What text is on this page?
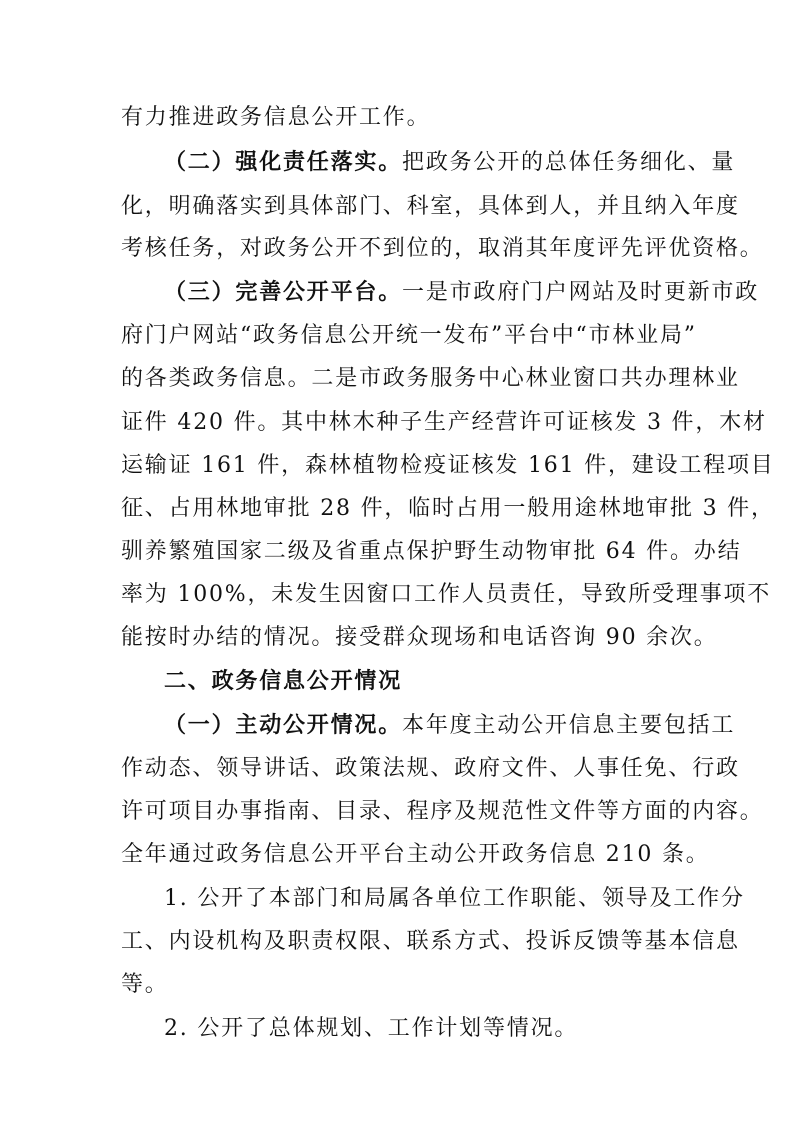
有力推进政务信息公开工作。
（二）强化责任落实。把政务公开的总体任务细化、量
化，明确落实到具体部门、科室，具体到人，并且纳入年度
考核任务，对政务公开不到位的，取消其年度评先评优资格。
（三）完善公开平台。一是市政府门户网站及时更新市政
府门户网站“政务信息公开统一发布”平台中“市林业局”
的各类政务信息。二是市政务服务中心林业窗口共办理林业
证件 420 件。其中林木种子生产经营许可证核发 3 件，木材
运输证 161 件，森林植物检疫证核发 161 件，建设工程项目
征、占用林地审批 28 件，临时占用一般用途林地审批 3 件，
驯养繁殖国家二级及省重点保护野生动物审批 64 件。办结
率为 100%，未发生因窗口工作人员责任，导致所受理事项不
能按时办结的情况。接受群众现场和电话咨询 90 余次。
二、政务信息公开情况
（一）主动公开情况。本年度主动公开信息主要包括工
作动态、领导讲话、政策法规、政府文件、人事任免、行政
许可项目办事指南、目录、程序及规范性文件等方面的内容。
全年通过政务信息公开平台主动公开政务信息 210 条。
1. 公开了本部门和局属各单位工作职能、领导及工作分
工、内设机构及职责权限、联系方式、投诉反馈等基本信息
等。
2. 公开了总体规划、工作计划等情况。
